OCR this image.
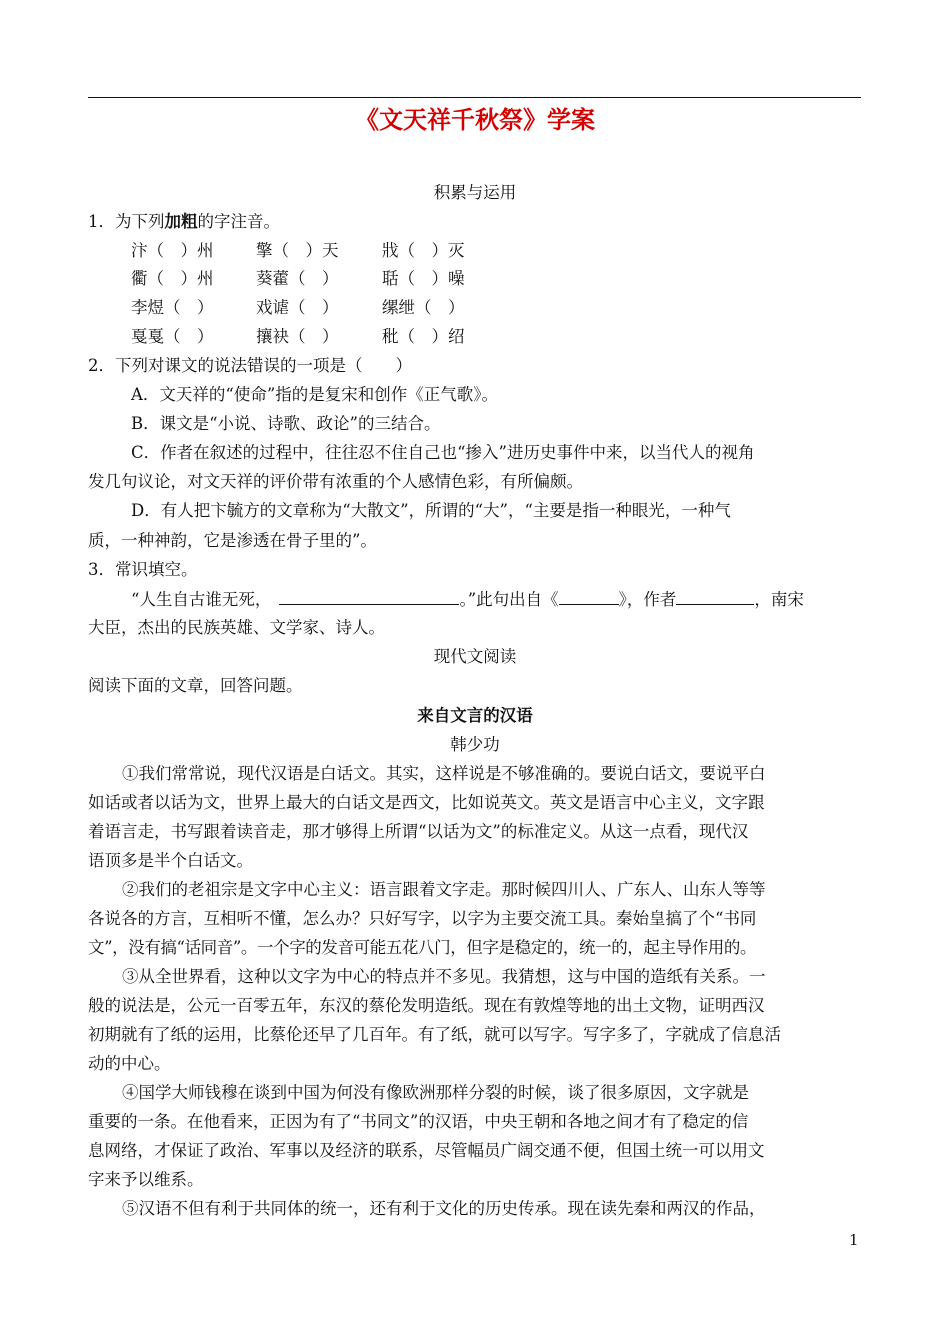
《文天祥千秋祭》学案
积累与运用
1．为下列加粗的字注音。
汴（　）州	擎（　）天	戕（　）灭
衢（　）州	葵藿（　）	聒（　）噪
李煜（　）	戏谑（　）	缧绁（　）
戛戛（　）	攘袂（　）	秕（　）绍
2．下列对课文的说法错误的一项是（　　）
A．文天祥的“使命”指的是复宋和创作《正气歌》。
B．课文是“小说、诗歌、政论”的三结合。
C．作者在叙述的过程中，往往忍不住自己也“掺入”进历史事件中来，以当代人的视角
发几句议论，对文天祥的评价带有浓重的个人感情色彩，有所偏颇。
D．有人把卞毓方的文章称为“大散文”，所谓的“大”，“主要是指一种眼光，一种气
质，一种神韵，它是渗透在骨子里的”。
3．常识填空。
“人生自古谁无死，	。”此句出自《	》，作者	，南宋
大臣，杰出的民族英雄、文学家、诗人。
现代文阅读
阅读下面的文章，回答问题。
来自文言的汉语
韩少功
①我们常常说，现代汉语是白话文。其实，这样说是不够准确的。要说白话文，要说平白
如话或者以话为文，世界上最大的白话文是西文，比如说英文。英文是语言中心主义，文字跟
着语言走，书写跟着读音走，那才够得上所谓“以话为文”的标准定义。从这一点看，现代汉
语顶多是半个白话文。
②我们的老祖宗是文字中心主义：语言跟着文字走。那时候四川人、广东人、山东人等等
各说各的方言，互相听不懂，怎么办？只好写字，以字为主要交流工具。秦始皇搞了个“书同
文”，没有搞“话同音”。一个字的发音可能五花八门，但字是稳定的，统一的，起主导作用的。
③从全世界看，这种以文字为中心的特点并不多见。我猜想，这与中国的造纸有关系。一
般的说法是，公元一百零五年，东汉的蔡伦发明造纸。现在有敦煌等地的出土文物，证明西汉
初期就有了纸的运用，比蔡伦还早了几百年。有了纸，就可以写字。写字多了，字就成了信息活
动的中心。
④国学大师钱穆在谈到中国为何没有像欧洲那样分裂的时候，谈了很多原因，文字就是
重要的一条。在他看来，正因为有了“书同文”的汉语，中央王朝和各地之间才有了稳定的信
息网络，才保证了政治、军事以及经济的联系，尽管幅员广阔交通不便，但国土统一可以用文
字来予以维系。
⑤汉语不但有利于共同体的统一，还有利于文化的历史传承。现在读先秦和两汉的作品，
1
